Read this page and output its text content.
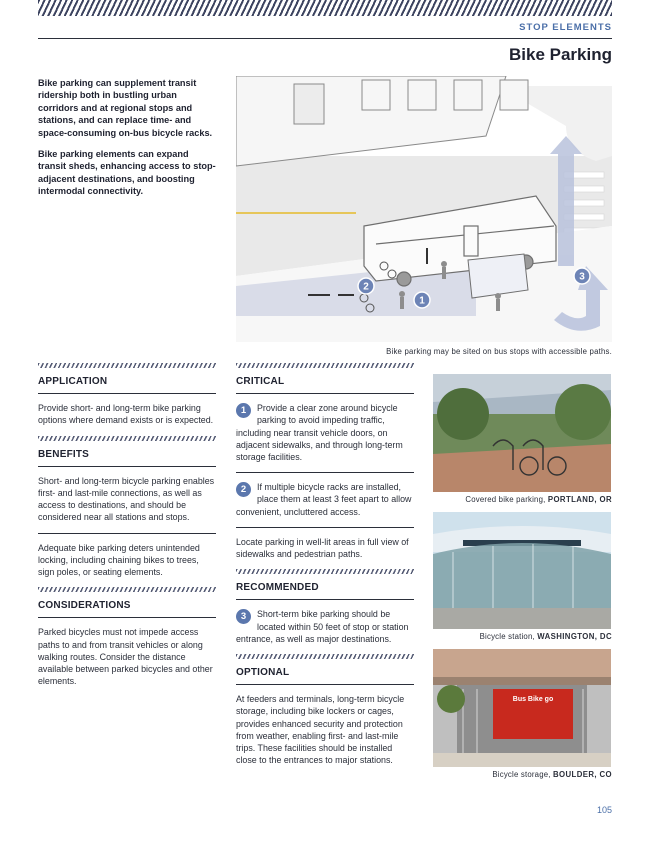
STOP ELEMENTS
Bike Parking

Bike parking can supplement transit ridership both in bustling urban corridors and at regional stops and stations, and can replace time- and space-consuming on-bus bicycle racks.

Bike parking elements can expand transit sheds, enhancing access to stop-adjacent destinations, and boosting intermodal connectivity.

1
2
3
Bike parking may be sited on bus stops with accessible paths.
APPLICATION
Provide short- and long-term bike parking options where demand exists or is expected.
BENEFITS
Short- and long-term bicycle parking enables first- and last-mile connections, as well as access to destinations, and should be considered near all stations and stops.
Adequate bike parking deters unintended locking, including chaining bikes to trees, sign poles, or seating elements.
CONSIDERATIONS
Parked bicycles must not impede access paths to and from transit vehicles or along walking routes. Consider the distance available between parked bicycles and other elements.
CRITICAL
1	Provide a clear zone around bicycle parking to avoid impeding traffic, including near transit vehicle doors, on adjacent sidewalks, and through long-term storage facilities.
2	If multiple bicycle racks are installed, place them at least 3 feet apart to allow convenient, uncluttered access.
Locate parking in well-lit areas in full view of sidewalks and pedestrian paths.
RECOMMENDED
3	Short-term bike parking should be located within 50 feet of stop or station entrance, as well as major destinations.
OPTIONAL
At feeders and terminals, long-term bicycle storage, including bike lockers or cages, provides enhanced security and protection from weather, enabling first- and last-mile trips. These facilities should be installed close to the entrances to major stations.
Covered bike parking, PORTLAND, OR
Bicycle station, WASHINGTON, DC
Bus Bike go
Bicycle storage, BOULDER, CO
105
